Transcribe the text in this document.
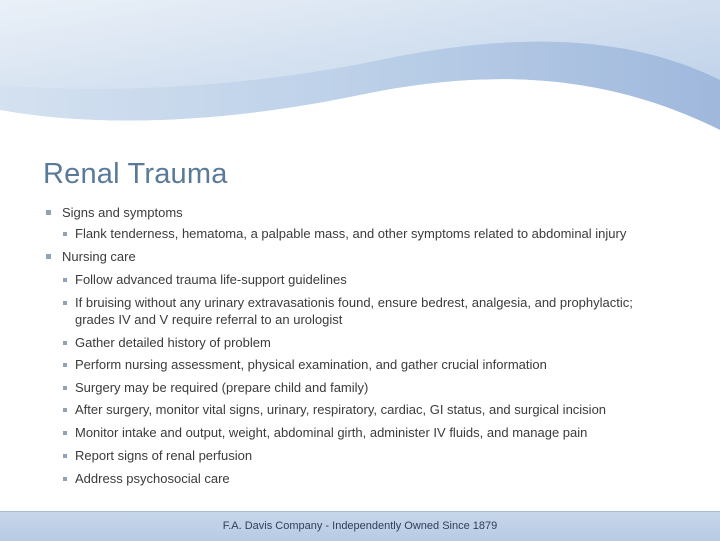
Renal Trauma
Signs and symptoms
Flank tenderness, hematoma, a palpable mass, and other symptoms related to abdominal injury
Nursing care
Follow advanced trauma life-support guidelines
If bruising without any urinary extravasationis found, ensure bedrest, analgesia, and prophylactic;
grades IV and V require referral to an urologist
Gather detailed history of problem
Perform nursing assessment, physical examination, and gather crucial information
Surgery may be required (prepare child and family)
After surgery, monitor vital signs, urinary, respiratory, cardiac, GI status, and surgical incision
Monitor intake and output, weight, abdominal girth, administer IV fluids, and manage pain
Report signs of renal perfusion
Address psychosocial care
F.A. Davis Company - Independently Owned Since 1879
